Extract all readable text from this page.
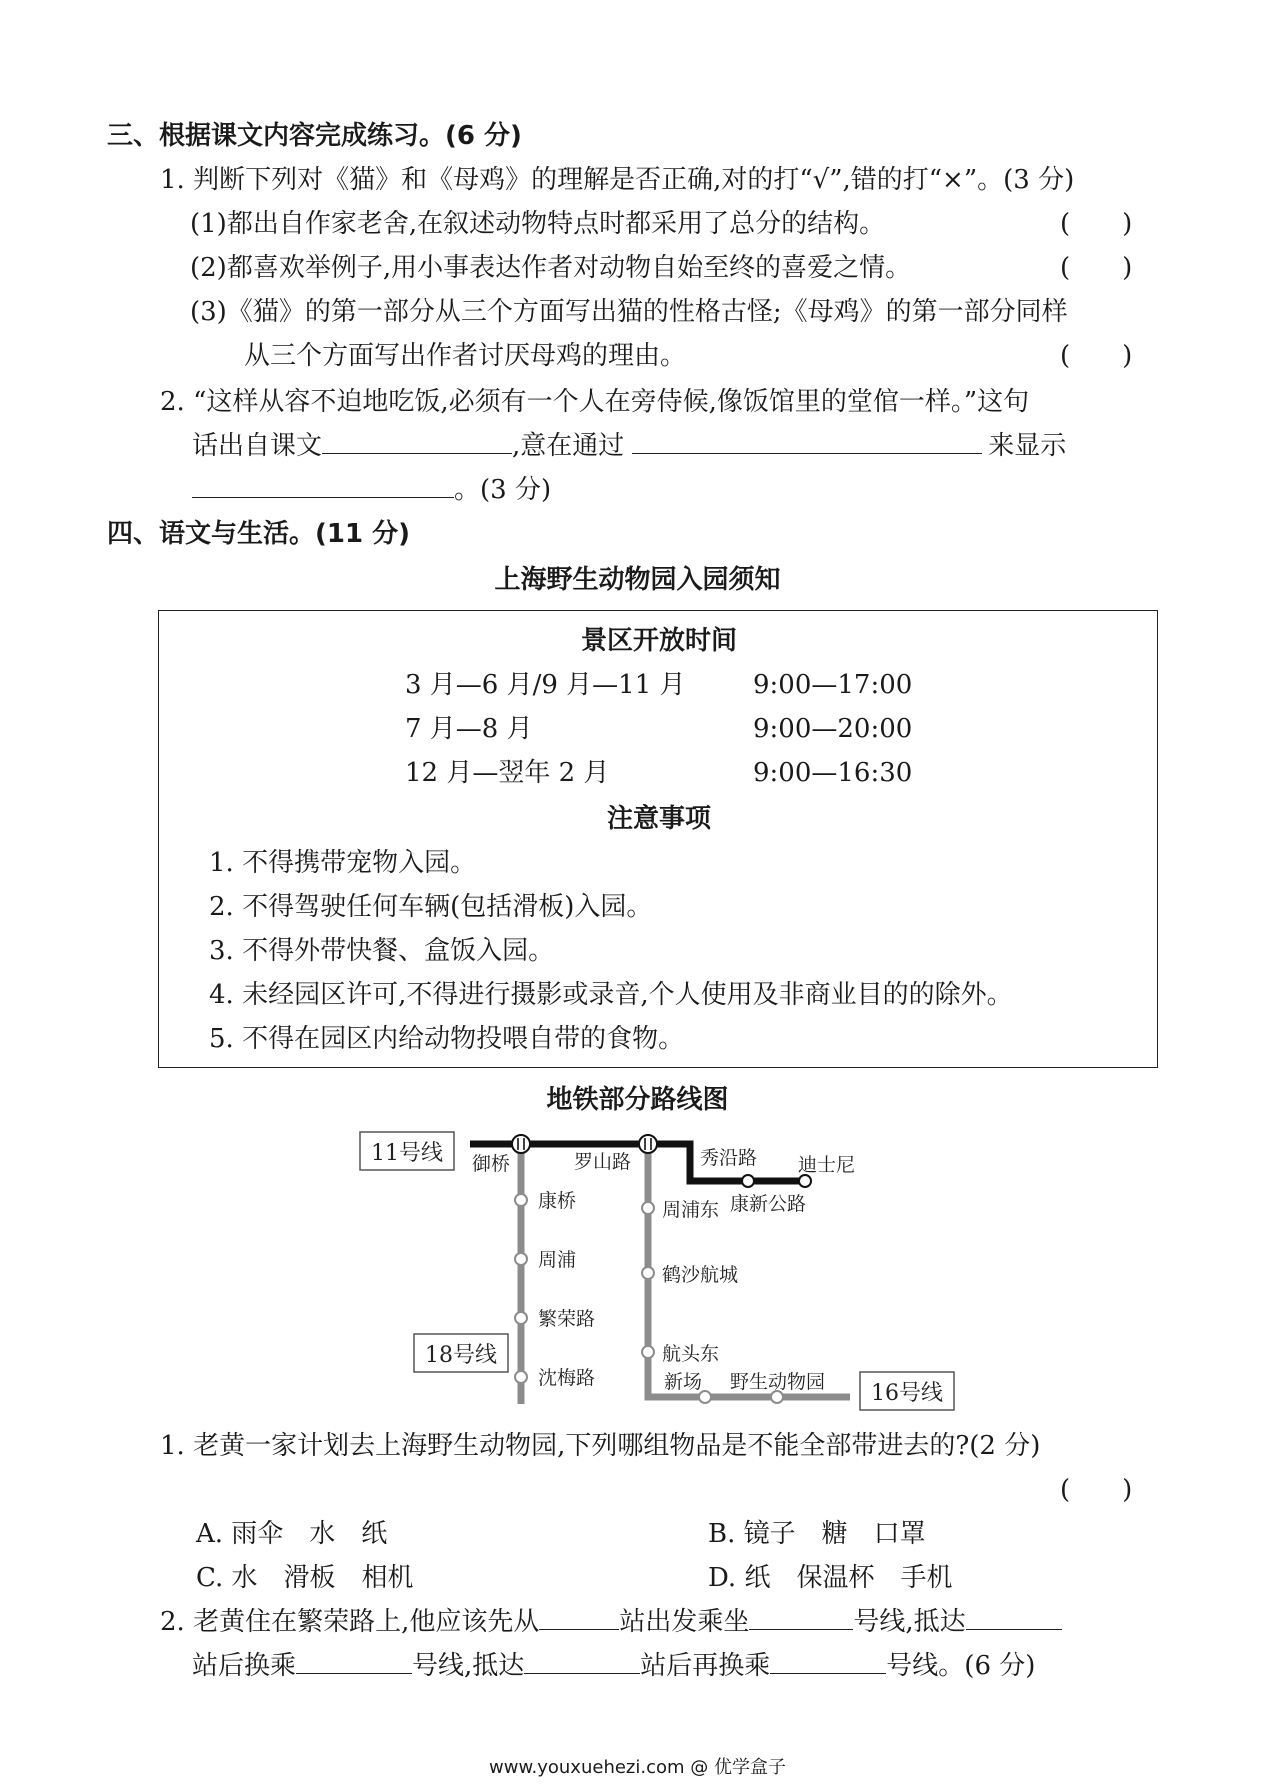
三、根据课文内容完成练习。(6 分)
1. 判断下列对《猫》和《母鸡》的理解是否正确,对的打“√”,错的打“×”。(3 分)
(1)都出自作家老舍,在叙述动物特点时都采用了总分的结构。	(　　)
(2)都喜欢举例子,用小事表达作者对动物自始至终的喜爱之情。	(　　)
(3)《猫》的第一部分从三个方面写出猫的性格古怪;《母鸡》的第一部分同样
从三个方面写出作者讨厌母鸡的理由。	(　　)
2. “这样从容不迫地吃饭,必须有一个人在旁侍候,像饭馆里的堂倌一样。”这句
话出自课文	,意在通过	来显示
。(3 分)
四、语文与生活。(11 分)
上海野生动物园入园须知
景区开放时间
3 月—6 月/9 月—11 月	9:00—17:00
7 月—8 月	9:00—20:00
12 月—翌年 2 月	9:00—16:30
注意事项
1. 不得携带宠物入园。
2. 不得驾驶任何车辆(包括滑板)入园。
3. 不得外带快餐、盒饭入园。
4. 未经园区许可,不得进行摄影或录音,个人使用及非商业目的的除外。
5. 不得在园区内给动物投喂自带的食物。
地铁部分路线图
11号线
18号线
16号线
御桥	罗山路	秀沿路 迪士尼
康桥
周浦
繁荣路
沈梅路
周浦东 康新公路
鹤沙航城
航头东
新场 野生动物园
1. 老黄一家计划去上海野生动物园,下列哪组物品是不能全部带进去的?(2 分)
(　　)
A. 雨伞　水　纸	B. 镜子　糖　口罩
C. 水　滑板　相机	D. 纸　保温杯　手机
2. 老黄住在繁荣路上,他应该先从	站出发乘坐	号线,抵达
站后换乘	号线,抵达	站后再换乘	号线。(6 分)
www.youxuehezi.com @ 优学盒子
